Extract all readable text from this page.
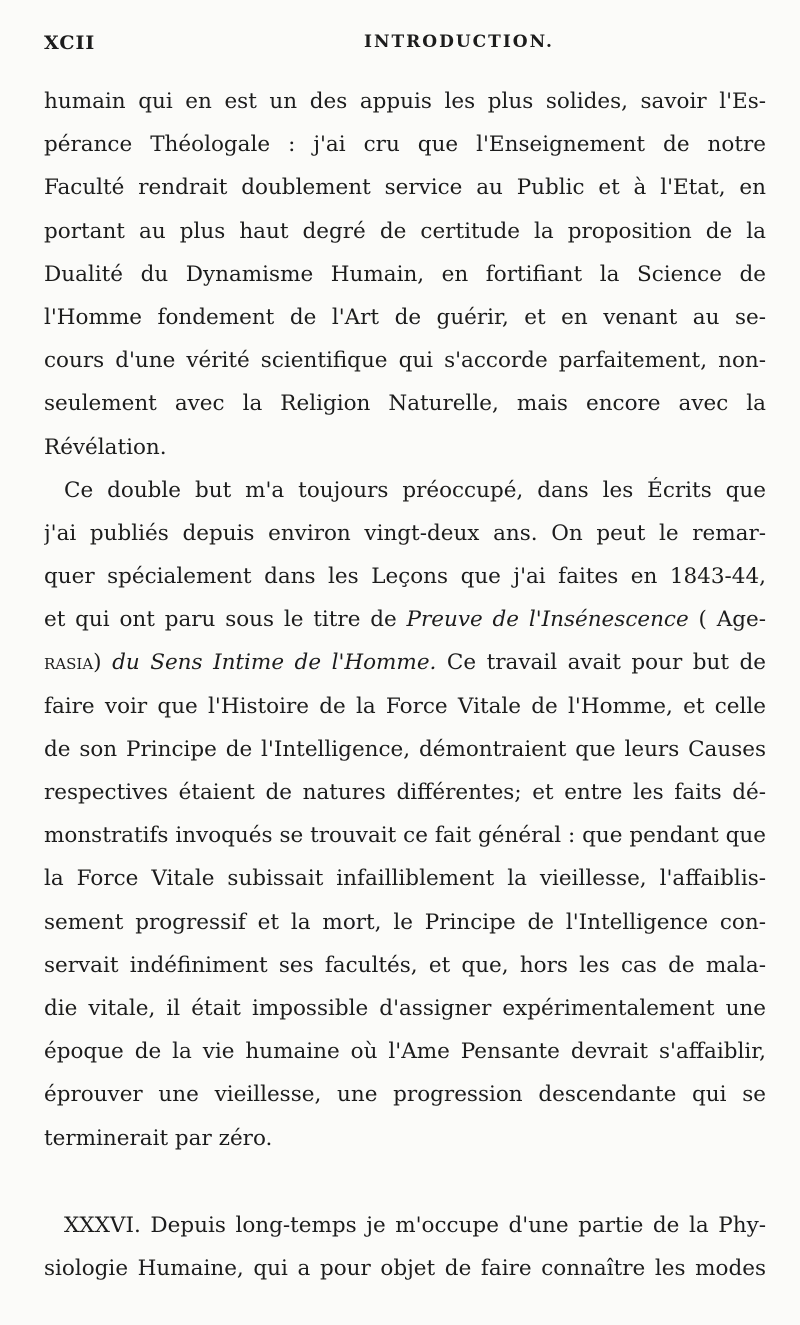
XCII	INTRODUCTION.
humain qui en est un des appuis les plus solides, savoir l'Es-
pérance Théologale : j'ai cru que l'Enseignement de notre
Faculté rendrait doublement service au Public et à l'Etat, en
portant au plus haut degré de certitude la proposition de la
Dualité du Dynamisme Humain, en fortifiant la Science de
l'Homme fondement de l'Art de guérir, et en venant au se-
cours d'une vérité scientifique qui s'accorde parfaitement, non-
seulement avec la Religion Naturelle, mais encore avec la
Révélation.
Ce double but m'a toujours préoccupé, dans les Écrits que
j'ai publiés depuis environ vingt-deux ans. On peut le remar-
quer spécialement dans les Leçons que j'ai faites en 1843-44,
et qui ont paru sous le titre de Preuve de l'Insénescence ( Age-
rasia) du Sens Intime de l'Homme. Ce travail avait pour but de
faire voir que l'Histoire de la Force Vitale de l'Homme, et celle
de son Principe de l'Intelligence, démontraient que leurs Causes
respectives étaient de natures différentes; et entre les faits dé-
monstratifs invoqués se trouvait ce fait général : que pendant que
la Force Vitale subissait infailliblement la vieillesse, l'affaiblis-
sement progressif et la mort, le Principe de l'Intelligence con-
servait indéfiniment ses facultés, et que, hors les cas de mala-
die vitale, il était impossible d'assigner expérimentalement une
époque de la vie humaine où l'Ame Pensante devrait s'affaiblir,
éprouver une vieillesse, une progression descendante qui se
terminerait par zéro.
XXXVI. Depuis long-temps je m'occupe d'une partie de la Phy-
siologie Humaine, qui a pour objet de faire connaître les modes
